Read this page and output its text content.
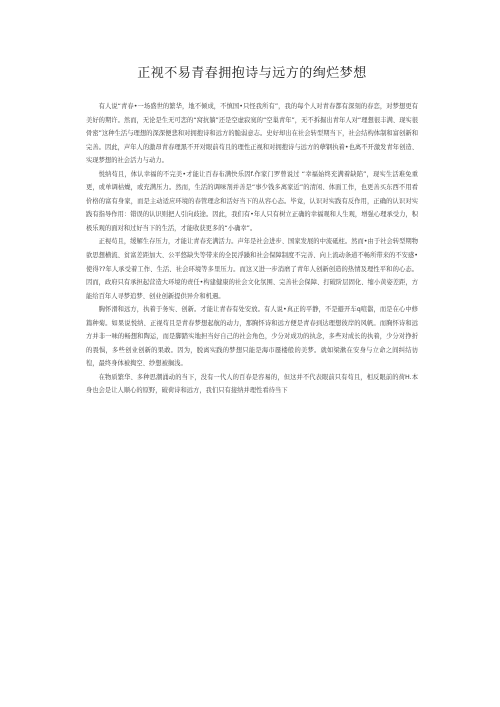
正视不易青春拥抱诗与远方的绚烂梦想

有人说“青春•一场盛世的繁华，地不倾成，不慎国•只怪我所有”，我的每个人对青春都有深刻的春恋，对梦想更有美好的期许。然而，无论是生无可恋的“窝抗躺”还是空虚寂寞的“空巢青年”，无不拆掘出青年人对“理想很丰满、现实很骨密”这种生活与理想的深深便悲和对拥抱诗和远方的脆弱意志。史好却出在社会转型期当下，社会结构体制和富创新和完善。因此，声年人的激昂青春理黑不开对眼前苟且的理性正视和对拥抱诗与远方的孽钢执着•也离不开激发青年创造、实现梦想的社会活力与动力。

悦纳苟且，体认幸福的不完美•才能让百春布满快乐因f.作家门罗曾说过 “幸福始终充满着缺陷”，现实生活难免重更，或单调枯燥，或充满压力。然而，生活的调味剂并善是“事少钱多离家近”的清闲、体面工作，也更善买东西不用看价格的富有身家，而是主动适应环境的春管理念和活好当下的从容心态。毕竟，认识对实践有反作用，正确的认识对实践有指导作用：错误的认识则把人引向歧途。因此，我们有•年人只有树立正确的幸福观和人生观，增强心理承受力，积极乐观的面对和过好当下的生活，才能收获更多的“小确幸”。

正视苟且，缓解生存压力，才能让青春充满活力。声年是社会进步、国家发展的中流砥柱。然而•由于社会转型期物欲思想横流、贫富差距加大、公平悠缺失等带来的全民浮躁和社会保障制度不完善、向上流动条道不畅所带来的不安感•使得??年人承受着工作、生活、社会环境等多里压力。而这又进一步消磨了青年人创新创造的热情及理性平和的心态。因而，政府只有承担起营造大环境的责任•构建健康的社会文化氛围、完善社会保障、打破阶层固化、缩小黄姿差距，方能给百年人寻梦追梦、创业创新提供异介和机遇。

胸怀滑和远方，执着于务实、创新。才能让青春有处安放。有人说•真正的平静，不是避开车q喧嚣，而是在心中修篇种菊。如果说悦纳、正视苟且是青春梦想起航的动力，那胸怀诗和远方便是青春到达理想彼岸的风帆。而胸怀诗和远方并非一味的畅想和陶运，而是脚踏实地担当好自己的社会角色，少分对成功的执念，多些对成长的执着，少分对挣折的畏惧，多些创业创新的果敢。因为，脱离实践的梦想只能是海市蜃楼般的美梦。就如梁漱在安身与立命之间纠结彷徨，最终身体被掏空、纱想被搁浅。

在物质繁华、多种思潮涌动的当下，没有一代人的百春是容易的，但这并不代表眼前只有苟且，相反眼前的荷H.本身也会是让人顺心的原野，破荷诗和远方，我们只有接纳并理性看待当下
